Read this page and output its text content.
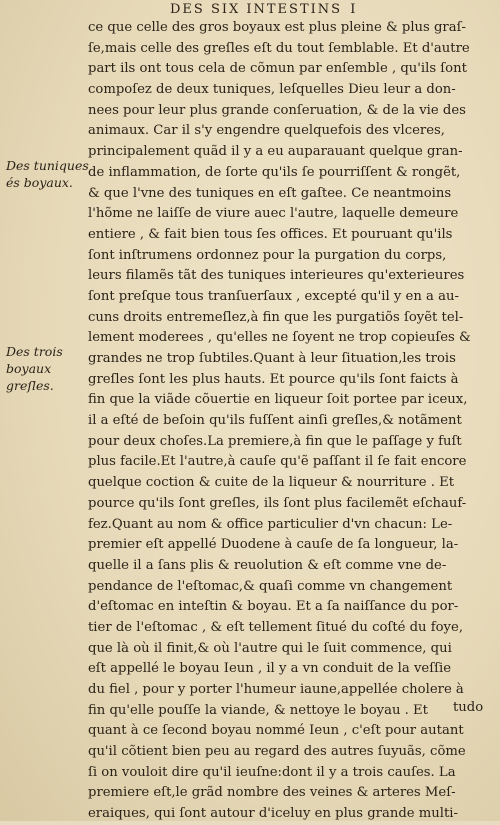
DES SIX INTESTINS I
ce que celle des gros boyaux est plus pleine & plus graſ-
ſe,mais celle des greſles eſt du tout ſemblable. Et d'autre
part ils ont tous cela de cõmun par enſemble , qu'ils ſont
compoſez de deux tuniques, leſquelles Dieu leur a don-
nees pour leur plus grande conſeruation, & de la vie des
animaux. Car il s'y engendre quelquefois des vlceres,
principalement quãd il y a eu auparauant quelque gran-
de inflammation, de ſorte qu'ils ſe pourriſſent & rongẽt,
& que l'vne des tuniques en eſt gaſtee. Ce neantmoins
l'hõme ne laiſſe de viure auec l'autre, laquelle demeure
entiere , & fait bien tous ſes offices. Et pouruant qu'ils
ſont inſtrumens ordonnez pour la purgation du corps,
leurs filamẽs tãt des tuniques interieures qu'exterieures
ſont preſque tous tranſuerſaux , excepté qu'il y en a au-
cuns droits entremeſlez,à fin que les purgatiõs ſoyẽt tel-
lement moderees , qu'elles ne ſoyent ne trop copieuſes &
grandes ne trop ſubtiles.Quant à leur ſituation,les trois
greſles ſont les plus hauts. Et pource qu'ils ſont faicts à
fin que la viãde cõuertie en liqueur ſoit portee par iceux,
il a eſté de beſoin qu'ils fuſſent ainſi greſles,& notãment
pour deux choſes.La premiere,à fin que le paſſage y fuſt
plus facile.Et l'autre,à cauſe qu'ẽ paſſant il ſe fait encore
quelque coction & cuite de la liqueur & nourriture . Et
pource qu'ils ſont greſles, ils ſont plus facilemẽt eſchauf-
fez.Quant au nom & office particulier d'vn chacun: Le-
premier eſt appellé Duodene à cauſe de ſa longueur, la-
quelle il a ſans plis & reuolution & eſt comme vne de-
pendance de l'eſtomac,& quaſi comme vn changement
d'eſtomac en inteſtin & boyau. Et a ſa naiſſance du por-
tier de l'eſtomac , & eſt tellement ſitué du coſté du foye,
que là où il finit,& où l'autre qui le ſuit commence, qui
eſt appellé le boyau Ieun , il y a vn conduit de la veſſie
du fiel , pour y porter l'humeur iaune,appellée cholere à
fin qu'elle pouſſe la viande, & nettoye le boyau . Et
quant à ce ſecond boyau nommé Ieun , c'eſt pour autant
qu'il cõtient bien peu au regard des autres ſuyuãs, cõme
ſi on vouloit dire qu'il ieuſne:dont il y a trois cauſes. La
premiere eſt,le grãd nombre des veines & arteres Meſ-
eraiques, qui ſont autour d'iceluy en plus grande multi-
tudo
Des tuniques
és boyaux.
Des trois
boyaux
greſles.
